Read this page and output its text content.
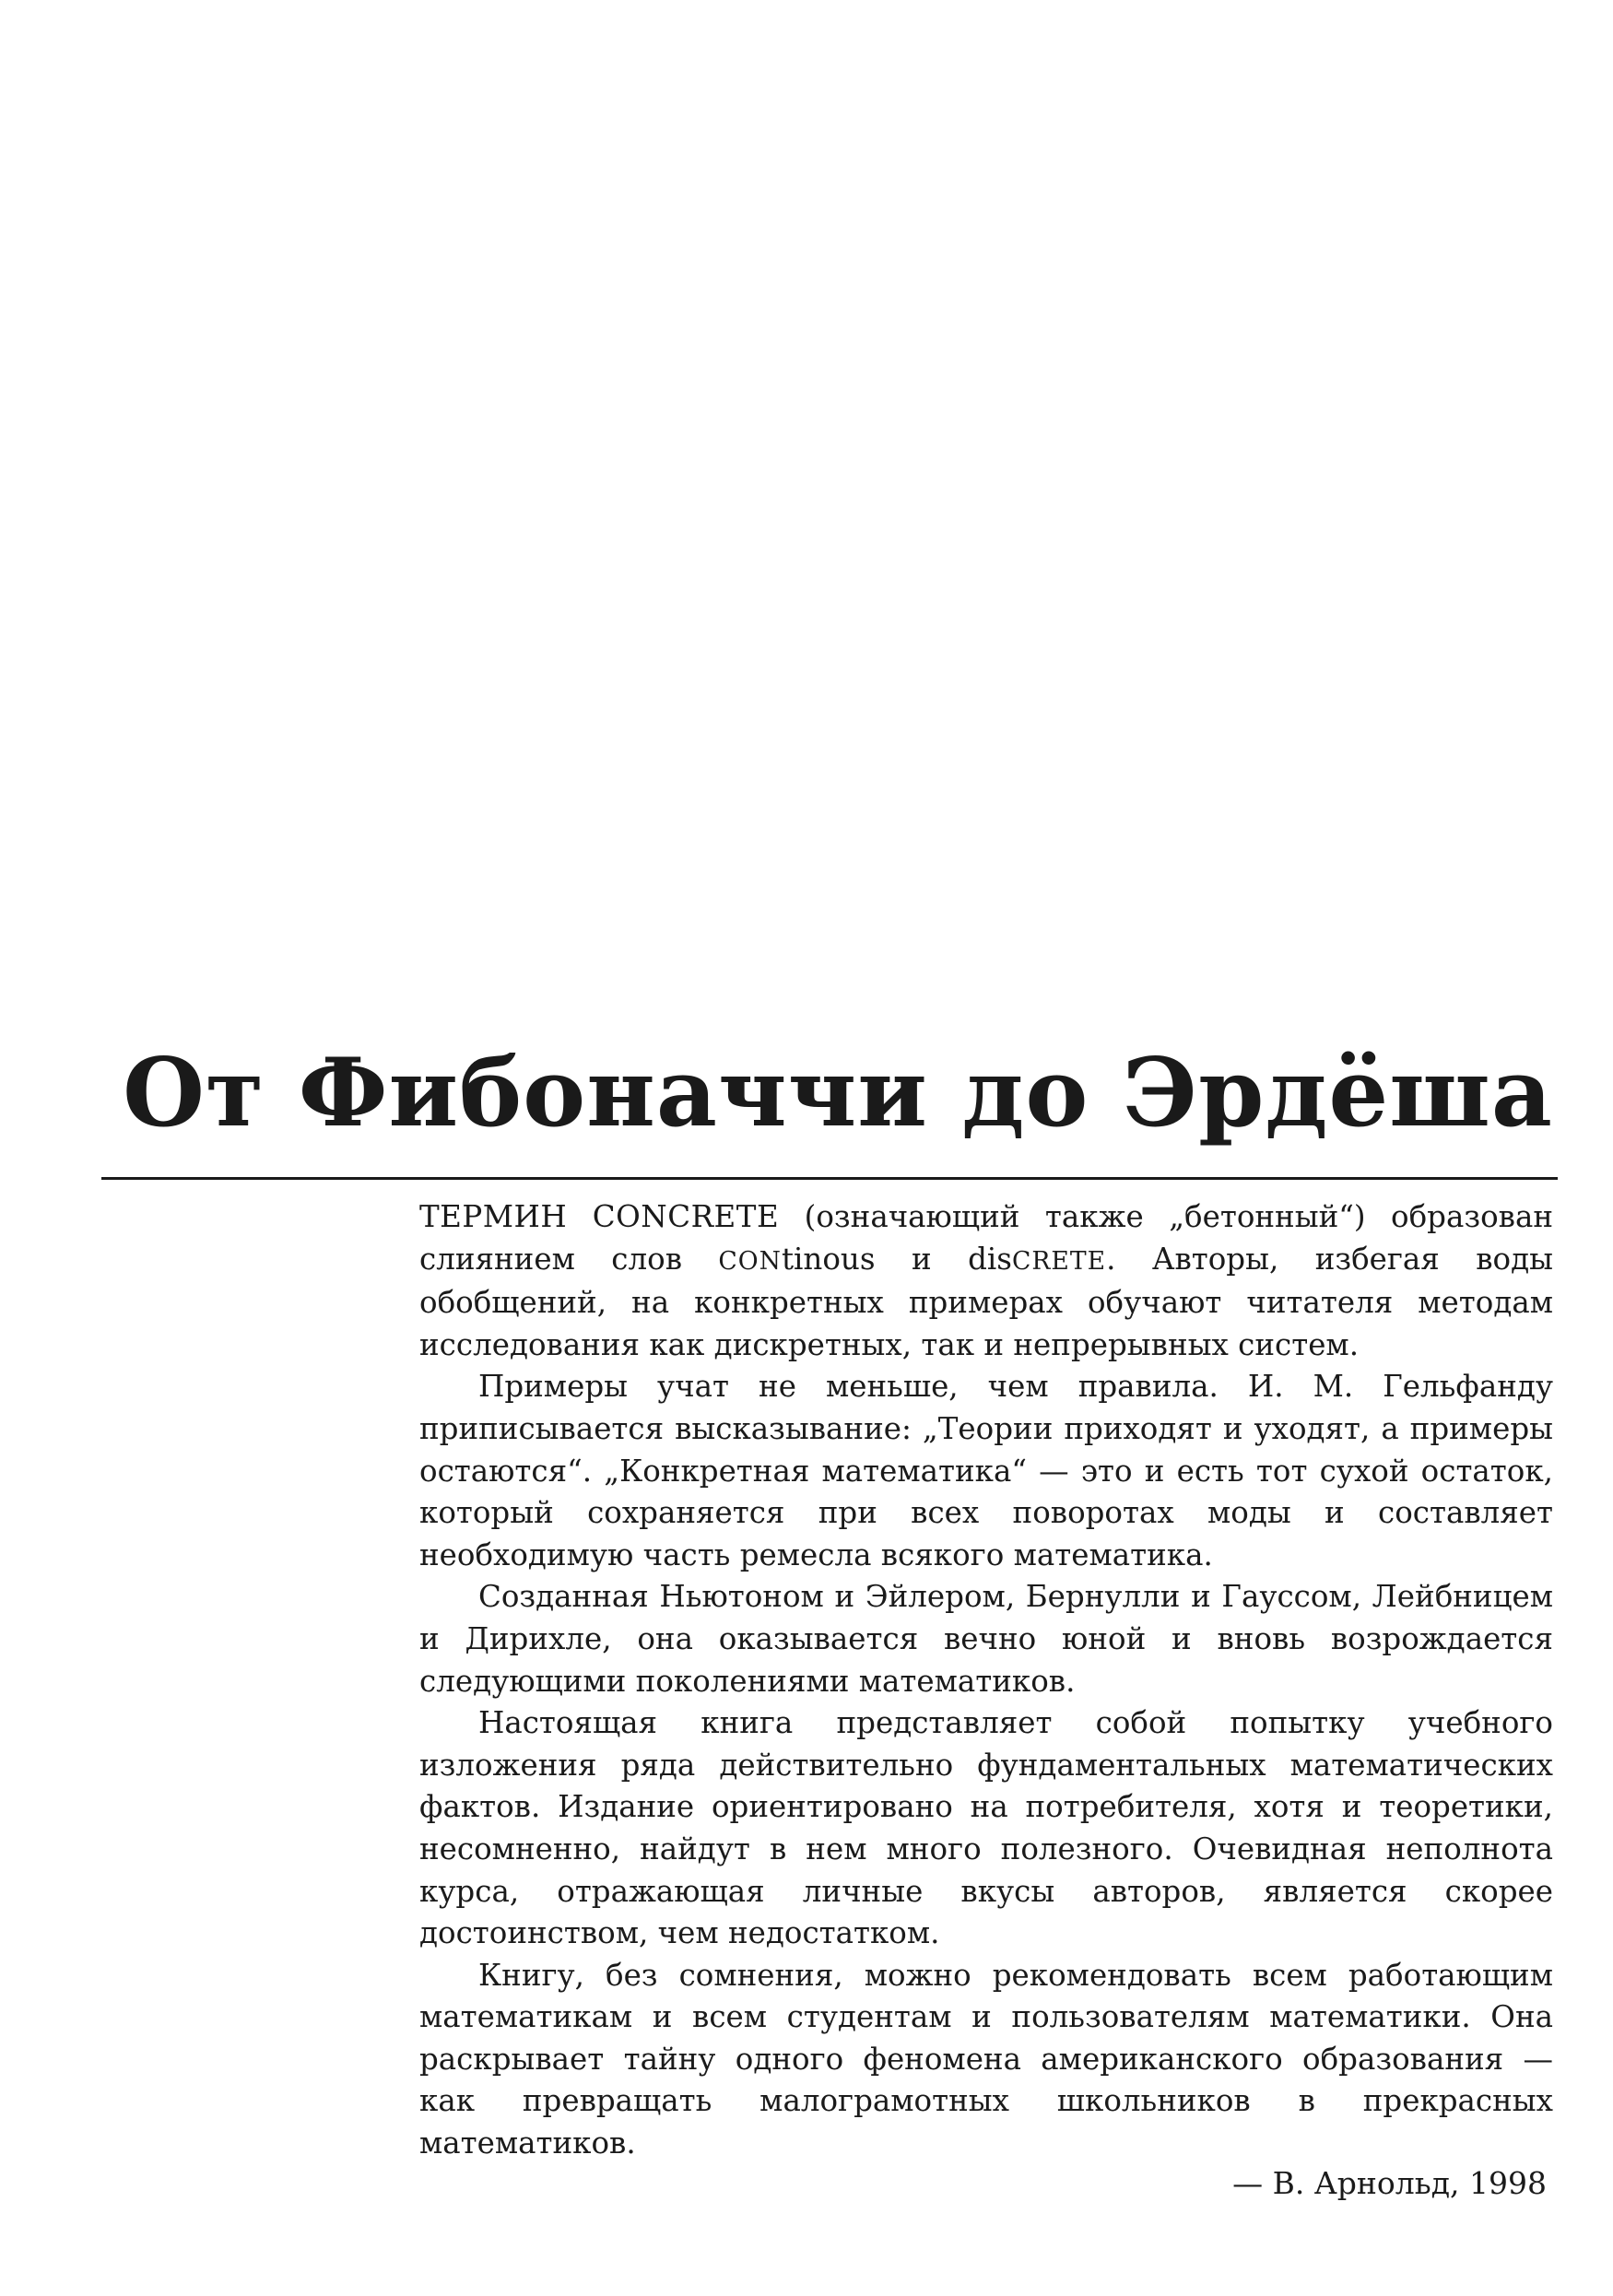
От Фибоначчи до Эрдёша

ТЕРМИН CONCRETE (означающий также „бетонный“) образован слиянием слов CONtinous и disCRETE. Авторы, избегая воды обобщений, на конкретных примерах обучают читателя методам исследования как дискретных, так и непрерывных систем.

Примеры учат не меньше, чем правила. И. М. Гельфанду приписывается высказывание: „Теории приходят и уходят, а примеры остаются“. „Конкретная математика“ — это и есть тот сухой остаток, который сохраняется при всех поворотах моды и составляет необходимую часть ремесла всякого математика.

Созданная Ньютоном и Эйлером, Бернулли и Гауссом, Лейбницем и Дирихле, она оказывается вечно юной и вновь возрождается следующими поколениями математиков.

Настоящая книга представляет собой попытку учебного изложения ряда действительно фундаментальных математических фактов. Издание ориентировано на потребителя, хотя и теоретики, несомненно, найдут в нем много полезного. Очевидная неполнота курса, отражающая личные вкусы авторов, является скорее достоинством, чем недостатком.

Книгу, без сомнения, можно рекомендовать всем работающим математикам и всем студентам и пользователям математики. Она раскрывает тайну одного феномена американского образования — как превращать малограмотных школьников в прекрасных математиков.

— В. Арнольд, 1998
